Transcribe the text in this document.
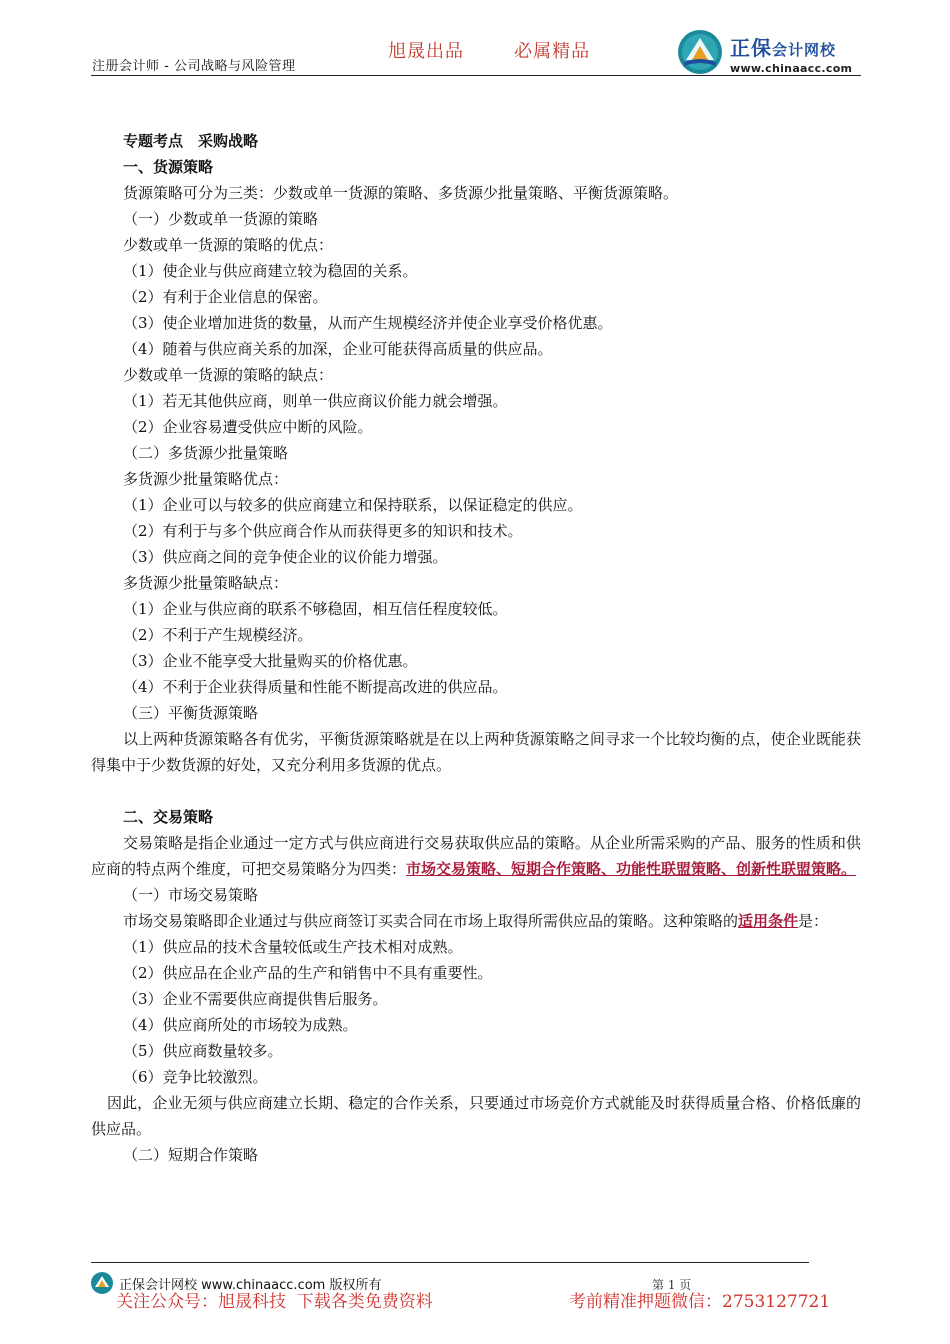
注册会计师 - 公司战略与风险管理
旭晟出品   必属精品	正保会计网校
www.chinaacc.com
专题考点　采购战略
一、货源策略
货源策略可分为三类：少数或单一货源的策略、多货源少批量策略、平衡货源策略。
（一）少数或单一货源的策略
少数或单一货源的策略的优点：
（1）使企业与供应商建立较为稳固的关系。
（2）有利于企业信息的保密。
（3）使企业增加进货的数量，从而产生规模经济并使企业享受价格优惠。
（4）随着与供应商关系的加深，企业可能获得高质量的供应品。
少数或单一货源的策略的缺点：
（1）若无其他供应商，则单一供应商议价能力就会增强。
（2）企业容易遭受供应中断的风险。
（二）多货源少批量策略
多货源少批量策略优点：
（1）企业可以与较多的供应商建立和保持联系，以保证稳定的供应。
（2）有利于与多个供应商合作从而获得更多的知识和技术。
（3）供应商之间的竞争使企业的议价能力增强。
多货源少批量策略缺点：
（1）企业与供应商的联系不够稳固，相互信任程度较低。
（2）不利于产生规模经济。
（3）企业不能享受大批量购买的价格优惠。
（4）不利于企业获得质量和性能不断提高改进的供应品。
（三）平衡货源策略
以上两种货源策略各有优劣，平衡货源策略就是在以上两种货源策略之间寻求一个比较均衡的点，使企业既能获得集中于少数货源的好处，又充分利用多货源的优点。
二、交易策略
交易策略是指企业通过一定方式与供应商进行交易获取供应品的策略。从企业所需采购的产品、服务的性质和供应商的特点两个维度，可把交易策略分为四类：市场交易策略、短期合作策略、功能性联盟策略、创新性联盟策略。
（一）市场交易策略
市场交易策略即企业通过与供应商签订买卖合同在市场上取得所需供应品的策略。这种策略的适用条件是：
（1）供应品的技术含量较低或生产技术相对成熟。
（2）供应品在企业产品的生产和销售中不具有重要性。
（3）企业不需要供应商提供售后服务。
（4）供应商所处的市场较为成熟。
（5）供应商数量较多。
（6）竞争比较激烈。
因此，企业无须与供应商建立长期、稳定的合作关系，只要通过市场竞价方式就能及时获得质量合格、价格低廉的供应品。
（二）短期合作策略
正保会计网校 www.chinaacc.com 版权所有	第 1 页
关注公众号：旭晟科技  下载各类免费资料	考前精准押题微信：2753127721
